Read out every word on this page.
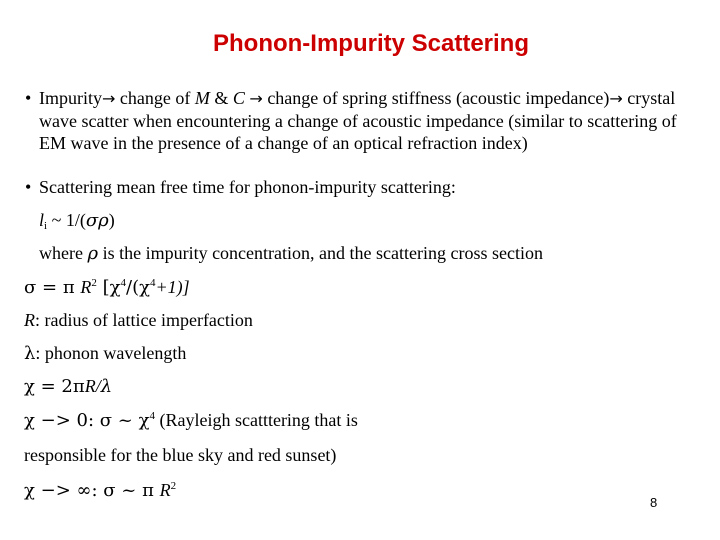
Phonon-Impurity Scattering
• Impurity→ change of M & C → change of spring stiffness (acoustic impedance)→ crystal wave scatter when encountering a change of acoustic impedance (similar to scattering of EM wave in the presence of a change of an optical refraction index)
• Scattering mean free time for phonon-impurity scattering:
$l_i$ ~ 1/(σρ)
where ρ is the impurity concentration, and the scattering cross section
σ = π $R^2$ $[\chi^4/(\chi^4+1)]$
R: radius of lattice imperfaction
λ: phonon wavelength
χ = 2πR/λ
χ −> 0: σ ~ $\chi^4$ (Rayleigh scatttering that is
responsible for the blue sky and red sunset)
χ −> ∞: σ ~ π $R^2$
8
